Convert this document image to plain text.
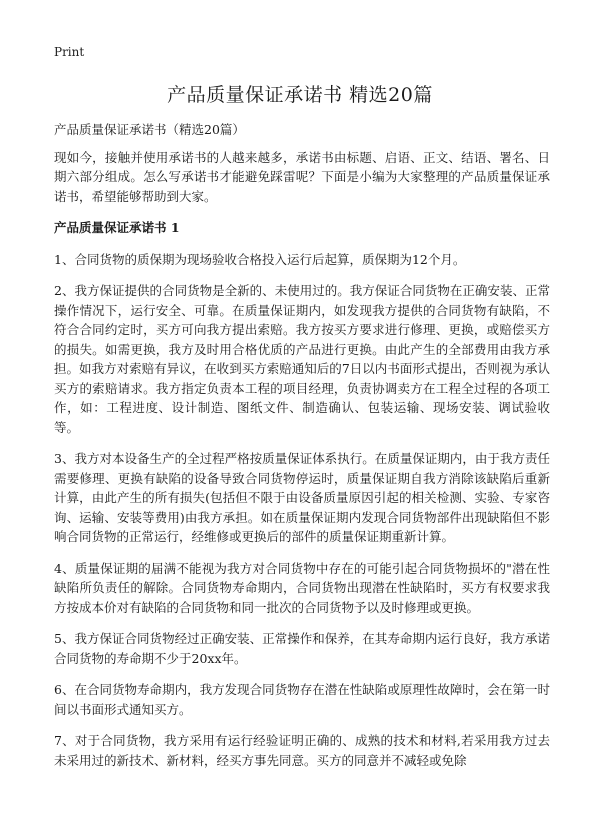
Print
产品质量保证承诺书 精选20篇

产品质量保证承诺书（精选20篇）

现如今，接触并使用承诺书的人越来越多，承诺书由标题、启语、正文、结语、署名、日期六部分组成。怎么写承诺书才能避免踩雷呢？下面是小编为大家整理的产品质量保证承诺书，希望能够帮助到大家。

产品质量保证承诺书 1

1、合同货物的质保期为现场验收合格投入运行后起算，质保期为12个月。

2、我方保证提供的合同货物是全新的、未使用过的。我方保证合同货物在正确安装、正常操作情况下，运行安全、可靠。在质量保证期内，如发现我方提供的合同货物有缺陷，不符合合同约定时，买方可向我方提出索赔。我方按买方要求进行修理、更换，或赔偿买方的损失。如需更换，我方及时用合格优质的产品进行更换。由此产生的全部费用由我方承担。如我方对索赔有异议，在收到买方索赔通知后的7日以内书面形式提出，否则视为承认买方的索赔请求。我方指定负责本工程的项目经理，负责协调卖方在工程全过程的各项工作，如：工程进度、设计制造、图纸文件、制造确认、包装运输、现场安装、调试验收等。

3、我方对本设备生产的全过程严格按质量保证体系执行。在质量保证期内，由于我方责任需要修理、更换有缺陷的设备导致合同货物停运时，质量保证期自我方消除该缺陷后重新计算，由此产生的所有损失(包括但不限于由设备质量原因引起的相关检测、实验、专家咨询、运输、安装等费用)由我方承担。如在质量保证期内发现合同货物部件出现缺陷但不影响合同货物的正常运行，经维修或更换后的部件的质量保证期重新计算。

4、质量保证期的届满不能视为我方对合同货物中存在的可能引起合同货物损坏的"潜在性缺陷所负责任的解除。合同货物寿命期内，合同货物出现潜在性缺陷时，买方有权要求我方按成本价对有缺陷的合同货物和同一批次的合同货物予以及时修理或更换。

5、我方保证合同货物经过正确安装、正常操作和保养，在其寿命期内运行良好，我方承诺合同货物的寿命期不少于20xx年。

6、在合同货物寿命期内，我方发现合同货物存在潜在性缺陷或原理性故障时，会在第一时间以书面形式通知买方。

7、对于合同货物，我方采用有运行经验证明正确的、成熟的技术和材料,若采用我方过去未采用过的新技术、新材料，经买方事先同意。买方的同意并不减轻或免除
